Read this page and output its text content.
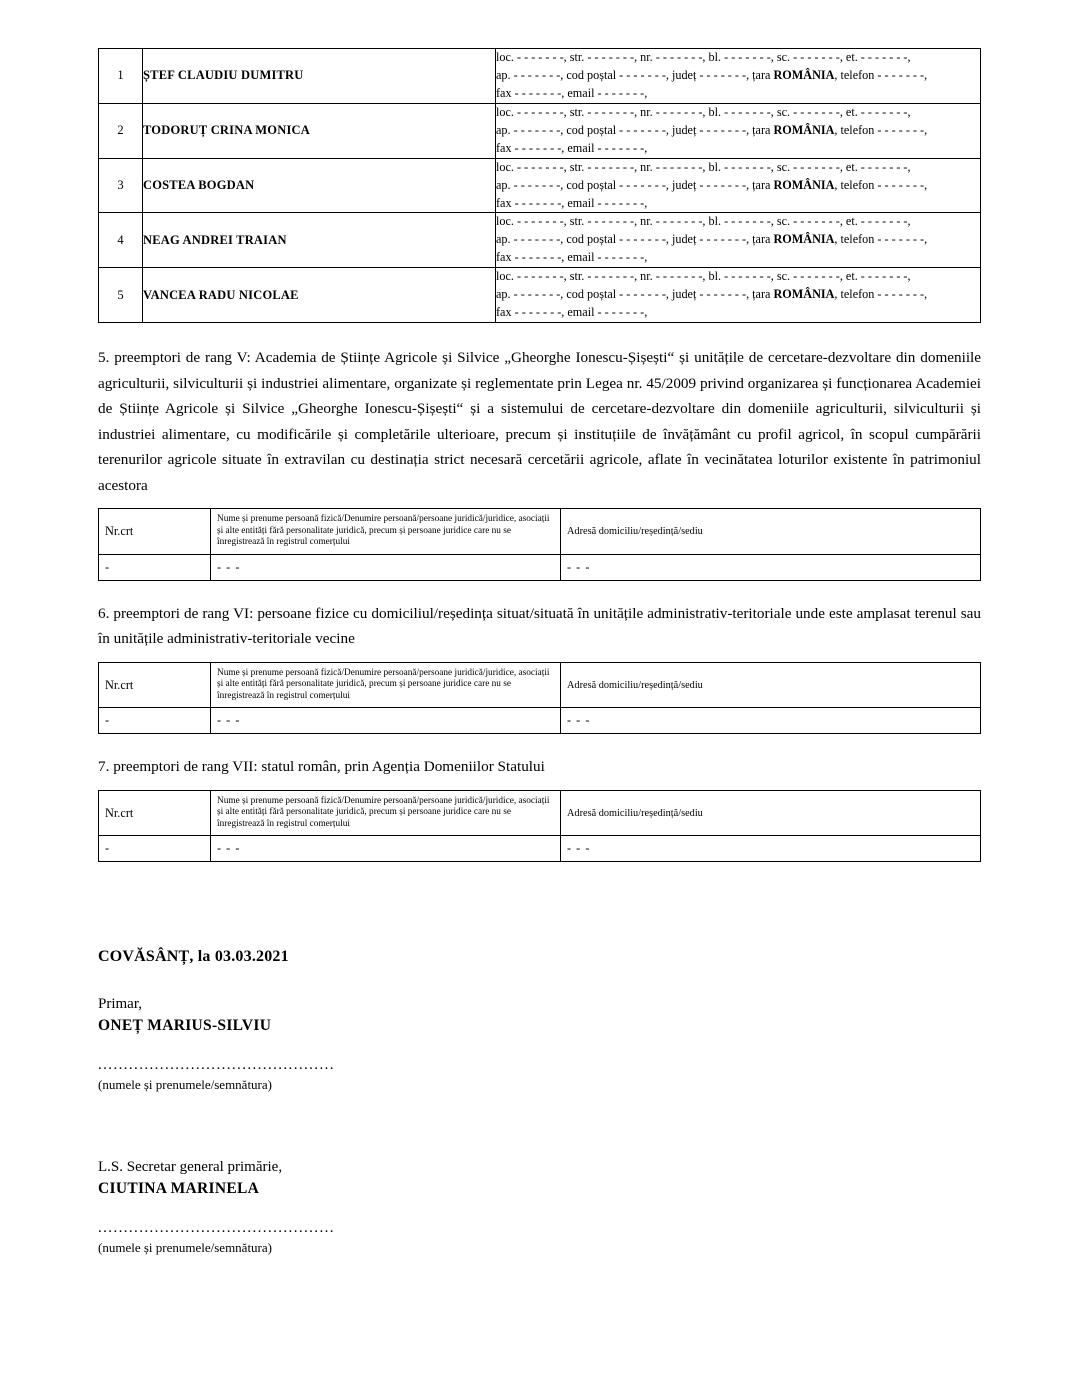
1	ȘTEF CLAUDIU DUMITRU	loc. - - - - - - -, str. - - - - - - -, nr. - - - - - - -, bl. - - - - - - -, sc. - - - - - - -, et. - - - - - - -,
ap. - - - - - - -, cod poștal - - - - - - -, județ - - - - - - -, țara ROMÂNIA, telefon - - - - - - -,
fax - - - - - - -, email - - - - - - -,

2	TODORUȚ CRINA MONICA	loc. - - - - - - -, str. - - - - - - -, nr. - - - - - - -, bl. - - - - - - -, sc. - - - - - - -, et. - - - - - - -,
ap. - - - - - - -, cod poștal - - - - - - -, județ - - - - - - -, țara ROMÂNIA, telefon - - - - - - -,
fax - - - - - - -, email - - - - - - -,

3	COSTEA BOGDAN	loc. - - - - - - -, str. - - - - - - -, nr. - - - - - - -, bl. - - - - - - -, sc. - - - - - - -, et. - - - - - - -,
ap. - - - - - - -, cod poștal - - - - - - -, județ - - - - - - -, țara ROMÂNIA, telefon - - - - - - -,
fax - - - - - - -, email - - - - - - -,

4	NEAG ANDREI TRAIAN	loc. - - - - - - -, str. - - - - - - -, nr. - - - - - - -, bl. - - - - - - -, sc. - - - - - - -, et. - - - - - - -,
ap. - - - - - - -, cod poștal - - - - - - -, județ - - - - - - -, țara ROMÂNIA, telefon - - - - - - -,
fax - - - - - - -, email - - - - - - -,

5	VANCEA RADU NICOLAE	loc. - - - - - - -, str. - - - - - - -, nr. - - - - - - -, bl. - - - - - - -, sc. - - - - - - -, et. - - - - - - -,
ap. - - - - - - -, cod poștal - - - - - - -, județ - - - - - - -, țara ROMÂNIA, telefon - - - - - - -,
fax - - - - - - -, email - - - - - - -,

5. preemptori de rang V: Academia de Științe Agricole și Silvice „Gheorghe Ionescu-Șișești“ și unitățile de cercetare-dezvoltare din domeniile agriculturii, silviculturii și industriei alimentare, organizate și reglementate prin Legea nr. 45/2009 privind organizarea și funcționarea Academiei de Științe Agricole și Silvice „Gheorghe Ionescu-Șișești“ și a sistemului de cercetare-dezvoltare din domeniile agriculturii, silviculturii și industriei alimentare, cu modificările și completările ulterioare, precum și instituțiile de învățământ cu profil agricol, în scopul cumpărării terenurilor agricole situate în extravilan cu destinația strict necesară cercetării agricole, aflate în vecinătatea loturilor existente în patrimoniul acestora

Nr.crt	Nume și prenume persoană fizică/Denumire persoană/persoane juridică/juridice, asociații și alte entități fără personalitate juridică, precum și persoane juridice care nu se înregistrează în registrul comerțului	Adresă domiciliu/reședință/sediu
-	- - -	- - -

6. preemptori de rang VI: persoane fizice cu domiciliul/reședința situat/situată în unitățile administrativ-teritoriale unde este amplasat terenul sau în unitățile administrativ-teritoriale vecine

Nr.crt	Nume și prenume persoană fizică/Denumire persoană/persoane juridică/juridice, asociații și alte entități fără personalitate juridică, precum și persoane juridice care nu se înregistrează în registrul comerțului	Adresă domiciliu/reședință/sediu
-	- - -	- - -

7. preemptori de rang VII: statul român, prin Agenția Domeniilor Statului

Nr.crt	Nume și prenume persoană fizică/Denumire persoană/persoane juridică/juridice, asociații și alte entități fără personalitate juridică, precum și persoane juridice care nu se înregistrează în registrul comerțului	Adresă domiciliu/reședință/sediu
-	- - -	- - -
COVĂSÂNȚ, la 03.03.2021
Primar,
ONEȚ MARIUS-SILVIU
..............................................
(numele și prenumele/semnătura)
L.S. Secretar general primărie,
CIUTINA MARINELA
..............................................
(numele și prenumele/semnătura)
